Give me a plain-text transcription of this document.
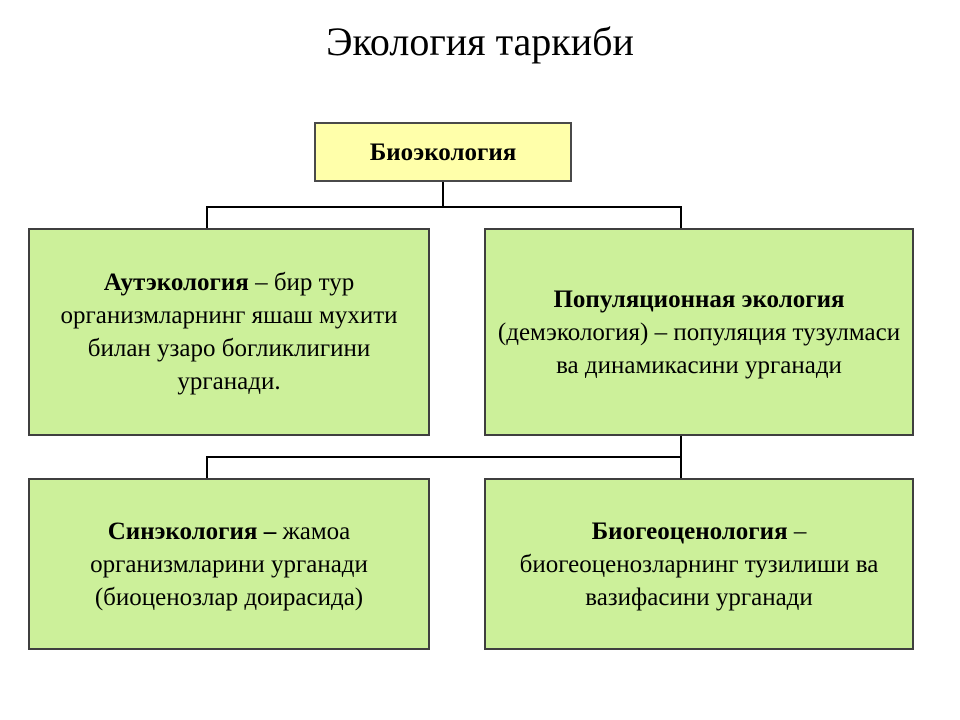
Экология таркиби
Биоэкология
Аутэкология – бир тур организмларнинг яшаш мухити билан узаро богликлигини урганади.
Популяционная экология (демэкология) – популяция тузулмаси ва динамикасини урганади
Синэкология – жамоа организмларини урганади (биоценозлар доирасида)
Биогеоценология – биогеоценозларнинг тузилиши ва вазифасини урганади
